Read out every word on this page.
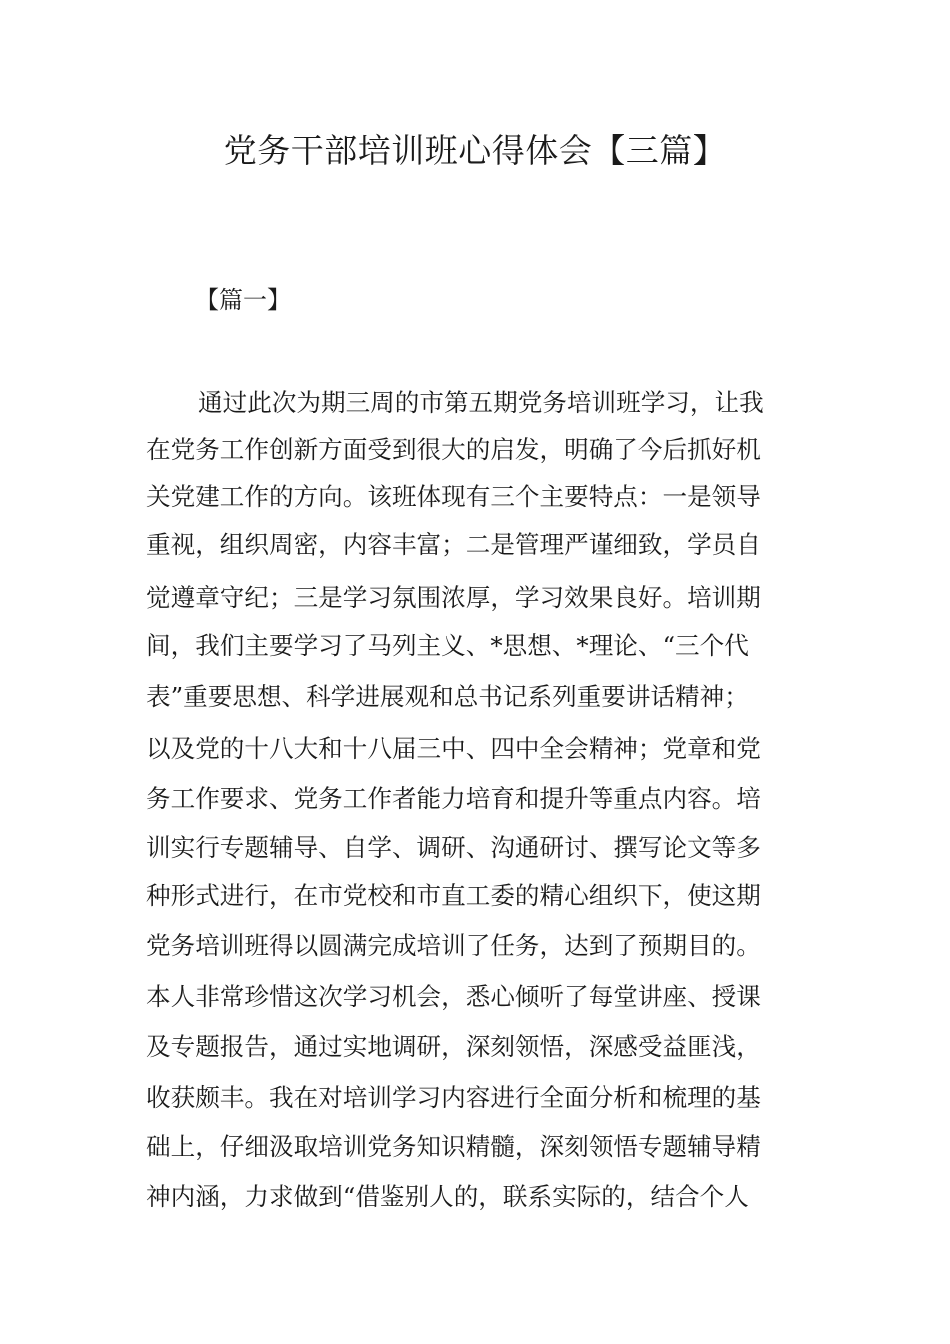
党务干部培训班心得体会【三篇】
【篇一】

通过此次为期三周的市第五期党务培训班学习，让我

在党务工作创新方面受到很大的启发，明确了今后抓好机

关党建工作的方向。该班体现有三个主要特点：一是领导

重视，组织周密，内容丰富；二是管理严谨细致，学员自

觉遵章守纪；三是学习氛围浓厚，学习效果良好。培训期

间，我们主要学习了马列主义、*思想、*理论、“三个代

表”重要思想、科学进展观和总书记系列重要讲话精神；

以及党的十八大和十八届三中、四中全会精神；党章和党

务工作要求、党务工作者能力培育和提升等重点内容。培

训实行专题辅导、自学、调研、沟通研讨、撰写论文等多

种形式进行，在市党校和市直工委的精心组织下，使这期

党务培训班得以圆满完成培训了任务，达到了预期目的。

本人非常珍惜这次学习机会，悉心倾听了每堂讲座、授课

及专题报告，通过实地调研，深刻领悟，深感受益匪浅，

收获颇丰。我在对培训学习内容进行全面分析和梳理的基

础上，仔细汲取培训党务知识精髓，深刻领悟专题辅导精

神内涵，力求做到“借鉴别人的，联系实际的，结合个人
